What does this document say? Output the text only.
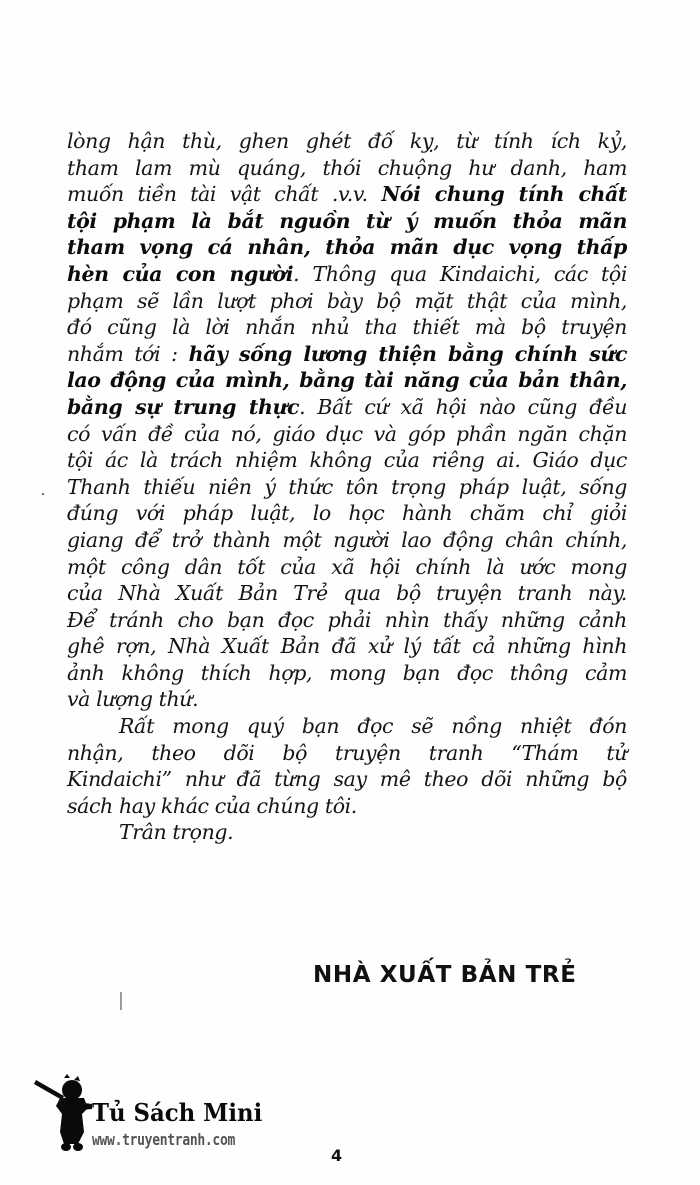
lòng hận thù, ghen ghét đố kỵ, từ tính ích kỷ,
tham lam mù quáng, thói chuộng hư danh, ham
muốn tiền tài vật chất .v.v. Nói chung tính chất
tội phạm là bắt nguồn từ ý muốn thỏa mãn
tham vọng cá nhân, thỏa mãn dục vọng thấp
hèn của con người. Thông qua Kindaichi, các tội
phạm sẽ lần lượt phơi bày bộ mặt thật của mình,
đó cũng là lời nhắn nhủ tha thiết mà bộ truyện
nhắm tới : hãy sống lương thiện bằng chính sức
lao động của mình, bằng tài năng của bản thân,
bằng sự trung thực. Bất cứ xã hội nào cũng đều
có vấn đề của nó, giáo dục và góp phần ngăn chặn
tội ác là trách nhiệm không của riêng ai. Giáo dục
Thanh thiếu niên ý thức tôn trọng pháp luật, sống
đúng với pháp luật, lo học hành chăm chỉ giỏi
giang để trở thành một người lao động chân chính,
một công dân tốt của xã hội chính là ước mong
của Nhà Xuất Bản Trẻ qua bộ truyện tranh này.
Để tránh cho bạn đọc phải nhìn thấy những cảnh
ghê rợn, Nhà Xuất Bản đã xử lý tất cả những hình
ảnh không thích hợp, mong bạn đọc thông cảm
và lượng thứ.
Rất mong quý bạn đọc sẽ nồng nhiệt đón
nhận, theo dõi bộ truyện tranh “Thám tử
Kindaichi” như đã từng say mê theo dõi những bộ
sách hay khác của chúng tôi.
Trân trọng.
NHÀ XUẤT BẢN TRẺ
Tủ Sách Mini
www.truyentranh.com
4
